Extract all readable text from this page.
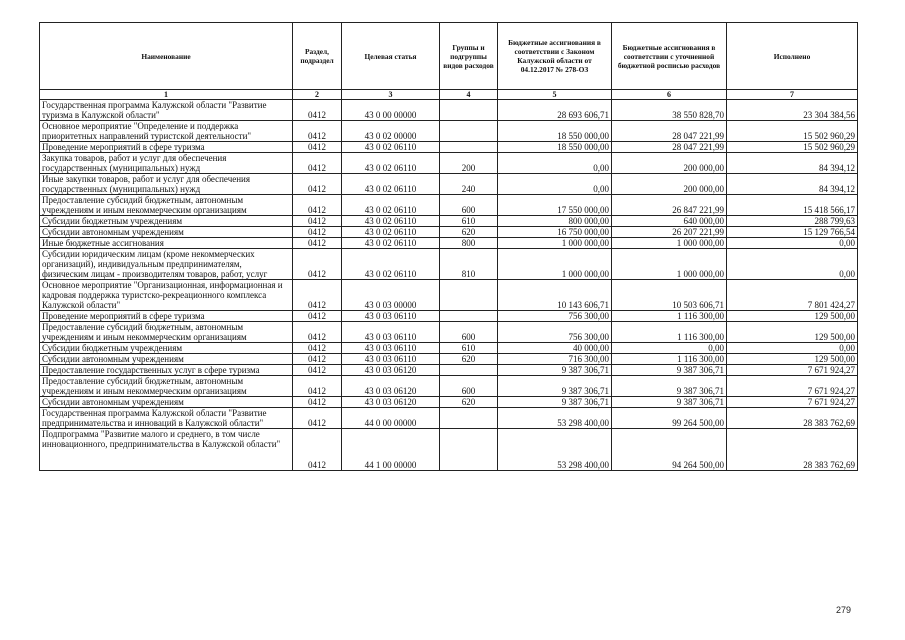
Наименование	Раздел, подраздел	Целевая статья	Группы и подгруппы видов расходов	Бюджетные ассигнования в соответствии с Законом Калужской области от 04.12.2017 № 278-ОЗ	Бюджетные ассигнования в соответствии с уточненной бюджетной росписью расходов	Исполнено
1	2	3	4	5	6	7
Государственная программа Калужской области "Развитие туризма в Калужской области"	0412	43 0 00 00000		28 693 606,71	38 550 828,70	23 304 384,56
Основное мероприятие "Определение и поддержка приоритетных направлений туристской деятельности"	0412	43 0 02 00000		18 550 000,00	28 047 221,99	15 502 960,29
Проведение мероприятий в сфере туризма	0412	43 0 02 06110		18 550 000,00	28 047 221,99	15 502 960,29
Закупка товаров, работ и услуг для обеспечения государственных (муниципальных) нужд	0412	43 0 02 06110	200	0,00	200 000,00	84 394,12
Иные закупки товаров, работ и услуг для обеспечения государственных (муниципальных) нужд	0412	43 0 02 06110	240	0,00	200 000,00	84 394,12
Предоставление субсидий бюджетным, автономным учреждениям и иным некоммерческим организациям	0412	43 0 02 06110	600	17 550 000,00	26 847 221,99	15 418 566,17
Субсидии бюджетным учреждениям	0412	43 0 02 06110	610	800 000,00	640 000,00	288 799,63
Субсидии автономным учреждениям	0412	43 0 02 06110	620	16 750 000,00	26 207 221,99	15 129 766,54
Иные бюджетные ассигнования	0412	43 0 02 06110	800	1 000 000,00	1 000 000,00	0,00
Субсидии юридическим лицам (кроме некоммерческих организаций), индивидуальным предпринимателям, физическим лицам - производителям товаров, работ, услуг	0412	43 0 02 06110	810	1 000 000,00	1 000 000,00	0,00
Основное мероприятие "Организационная, информационная и кадровая поддержка туристско-рекреационного комплекса Калужской области"	0412	43 0 03 00000		10 143 606,71	10 503 606,71	7 801 424,27
Проведение мероприятий в сфере туризма	0412	43 0 03 06110		756 300,00	1 116 300,00	129 500,00
Предоставление субсидий бюджетным, автономным учреждениям и иным некоммерческим организациям	0412	43 0 03 06110	600	756 300,00	1 116 300,00	129 500,00
Субсидии бюджетным учреждениям	0412	43 0 03 06110	610	40 000,00	0,00	0,00
Субсидии автономным учреждениям	0412	43 0 03 06110	620	716 300,00	1 116 300,00	129 500,00
Предоставление государственных услуг в сфере туризма	0412	43 0 03 06120		9 387 306,71	9 387 306,71	7 671 924,27
Предоставление субсидий бюджетным, автономным учреждениям и иным некоммерческим организациям	0412	43 0 03 06120	600	9 387 306,71	9 387 306,71	7 671 924,27
Субсидии автономным учреждениям	0412	43 0 03 06120	620	9 387 306,71	9 387 306,71	7 671 924,27
Государственная программа Калужской области "Развитие предпринимательства и инноваций в Калужской области"	0412	44 0 00 00000		53 298 400,00	99 264 500,00	28 383 762,69
Подпрограмма "Развитие малого и среднего, в том числе инновационного, предпринимательства в Калужской области"	0412	44 1 00 00000		53 298 400,00	94 264 500,00	28 383 762,69
279
